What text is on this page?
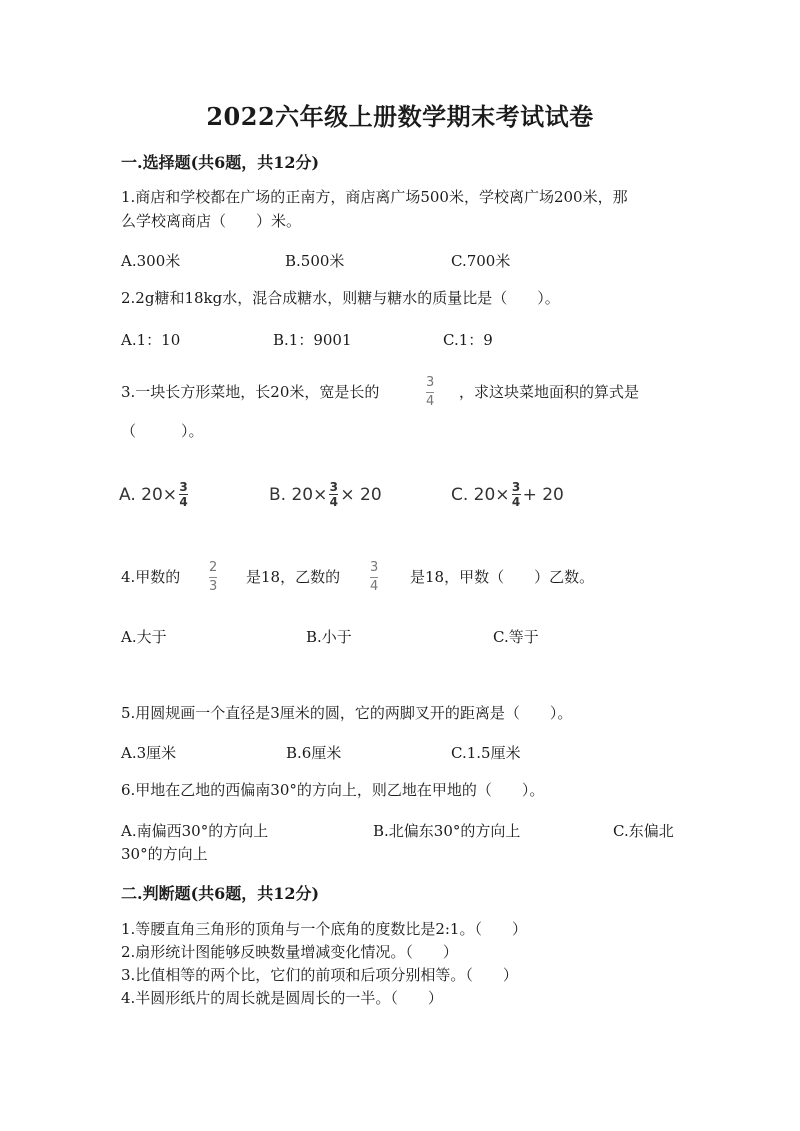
2022六年级上册数学期末考试试卷
一.选择题(共6题，共12分)
1.商店和学校都在广场的正南方，商店离广场500米，学校离广场200米，那
么学校离商店（　　）米。
A.300米	B.500米	C.700米
2.2g糖和18kg水，混合成糖水，则糖与糖水的质量比是（　　）。
A.1：10	B.1：9001	C.1：9
3.一块长方形菜地，长20米，宽是长的
3
4
，求这块菜地面积的算式是
（　　　）。
A. 20× 3
4	B. 20× 3
4 × 20	C. 20× 3
4 + 20
4.甲数的
2
3
是18，乙数的
3
4
是18，甲数（　　）乙数。
A.大于	B.小于	C.等于
5.用圆规画一个直径是3厘米的圆，它的两脚叉开的距离是（　　）。
A.3厘米	B.6厘米	C.1.5厘米
6.甲地在乙地的西偏南30°的方向上，则乙地在甲地的（　　）。
A.南偏西30°的方向上	B.北偏东30°的方向上	C.东偏北
30°的方向上
二.判断题(共6题，共12分)
1.等腰直角三角形的顶角与一个底角的度数比是2:1。（　　）
2.扇形统计图能够反映数量增减变化情况。（　　）
3.比值相等的两个比，它们的前项和后项分别相等。（　　）
4.半圆形纸片的周长就是圆周长的一半。（　　）
